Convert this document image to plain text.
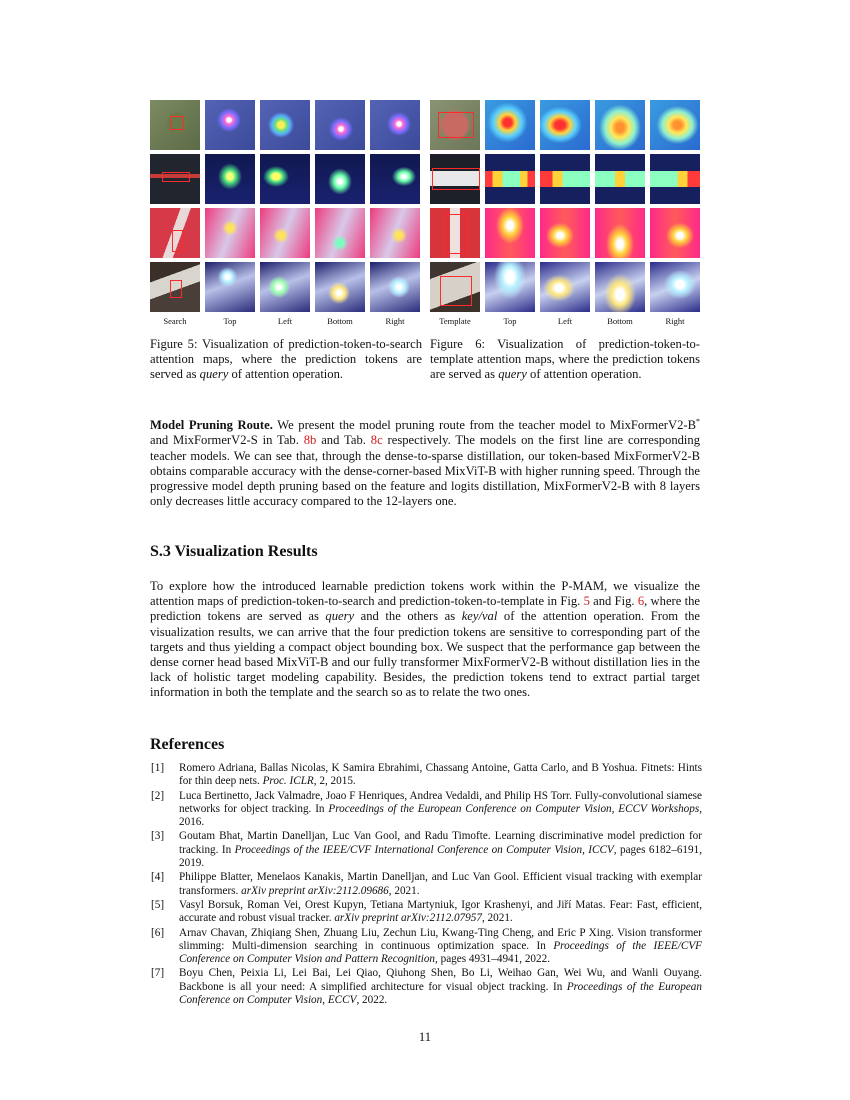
Search	Top	Left	Bottom	Right	Template	Top	Left	Bottom	Right
Figure 5: Visualization of prediction-token-to-search attention maps, where the prediction tokens are served as query of attention operation.
Figure 6: Visualization of prediction-token-to-template attention maps, where the prediction tokens are served as query of attention operation.
Model Pruning Route. We present the model pruning route from the teacher model to MixFormerV2-B* and MixFormerV2-S in Tab. 8b and Tab. 8c respectively. The models on the first line are corresponding teacher models. We can see that, through the dense-to-sparse distillation, our token-based MixFormerV2-B obtains comparable accuracy with the dense-corner-based MixViT-B with higher running speed. Through the progressive model depth pruning based on the feature and logits distillation, MixFormerV2-B with 8 layers only decreases little accuracy compared to the 12-layers one.
S.3 Visualization Results
To explore how the introduced learnable prediction tokens work within the P-MAM, we visualize the attention maps of prediction-token-to-search and prediction-token-to-template in Fig. 5 and Fig. 6, where the prediction tokens are served as query and the others as key/val of the attention operation. From the visualization results, we can arrive that the four prediction tokens are sensitive to corresponding part of the targets and thus yielding a compact object bounding box. We suspect that the performance gap between the dense corner head based MixViT-B and our fully transformer MixFormerV2-B without distillation lies in the lack of holistic target modeling capability. Besides, the prediction tokens tend to extract partial target information in both the template and the search so as to relate the two ones.
References
[1]	Romero Adriana, Ballas Nicolas, K Samira Ebrahimi, Chassang Antoine, Gatta Carlo, and B Yoshua. Fitnets: Hints for thin deep nets. Proc. ICLR, 2, 2015.
[2]	Luca Bertinetto, Jack Valmadre, Joao F Henriques, Andrea Vedaldi, and Philip HS Torr. Fully-convolutional siamese networks for object tracking. In Proceedings of the European Conference on Computer Vision, ECCV Workshops, 2016.
[3]	Goutam Bhat, Martin Danelljan, Luc Van Gool, and Radu Timofte. Learning discriminative model prediction for tracking. In Proceedings of the IEEE/CVF International Conference on Computer Vision, ICCV, pages 6182–6191, 2019.
[4]	Philippe Blatter, Menelaos Kanakis, Martin Danelljan, and Luc Van Gool. Efficient visual tracking with exemplar transformers. arXiv preprint arXiv:2112.09686, 2021.
[5]	Vasyl Borsuk, Roman Vei, Orest Kupyn, Tetiana Martyniuk, Igor Krashenyi, and Jiří Matas. Fear: Fast, efficient, accurate and robust visual tracker. arXiv preprint arXiv:2112.07957, 2021.
[6]	Arnav Chavan, Zhiqiang Shen, Zhuang Liu, Zechun Liu, Kwang-Ting Cheng, and Eric P Xing. Vision transformer slimming: Multi-dimension searching in continuous optimization space. In Proceedings of the IEEE/CVF Conference on Computer Vision and Pattern Recognition, pages 4931–4941, 2022.
[7]	Boyu Chen, Peixia Li, Lei Bai, Lei Qiao, Qiuhong Shen, Bo Li, Weihao Gan, Wei Wu, and Wanli Ouyang. Backbone is all your need: A simplified architecture for visual object tracking. In Proceedings of the European Conference on Computer Vision, ECCV, 2022.
11
